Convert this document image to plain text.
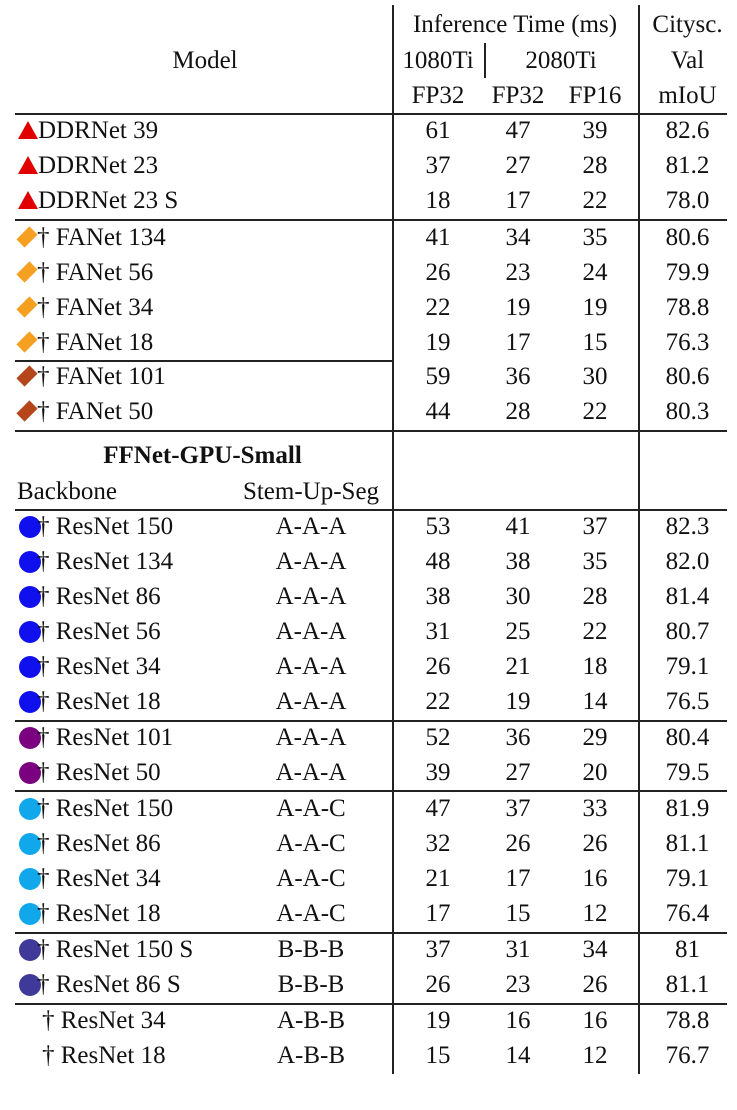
Model
Inference Time (ms)	Citysc.
1080Ti	2080Ti	Val
FP32	FP32 FP16	mIoU
FFNet-GPU-Small
Backbone	Stem-Up-Seg
DDRNet 39	61	47	39	82.6
DDRNet 23	37	27	28	81.2
DDRNet 23 S	18	17	22	78.0
† FANet 134	41	34	35	80.6
† FANet 56	26	23	24	79.9
† FANet 34	22	19	19	78.8
† FANet 18	19	17	15	76.3
† FANet 101	59	36	30	80.6
† FANet 50	44	28	22	80.3
† ResNet 150	A-A-A	53	41	37	82.3
† ResNet 134	A-A-A	48	38	35	82.0
† ResNet 86	A-A-A	38	30	28	81.4
† ResNet 56	A-A-A	31	25	22	80.7
† ResNet 34	A-A-A	26	21	18	79.1
† ResNet 18	A-A-A	22	19	14	76.5
† ResNet 101	A-A-A	52	36	29	80.4
† ResNet 50	A-A-A	39	27	20	79.5
† ResNet 150	A-A-C	47	37	33	81.9
† ResNet 86	A-A-C	32	26	26	81.1
† ResNet 34	A-A-C	21	17	16	79.1
† ResNet 18	A-A-C	17	15	12	76.4
† ResNet 150 S	B-B-B	37	31	34	81
† ResNet 86 S	B-B-B	26	23	26	81.1
† ResNet 34	A-B-B	19	16	16	78.8
† ResNet 18	A-B-B	15	14	12	76.7
